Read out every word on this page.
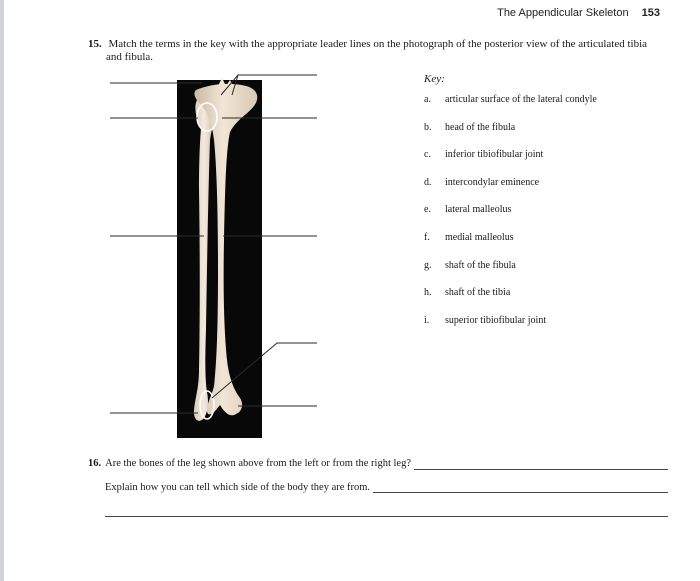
The Appendicular Skeleton 153
15. Match the terms in the key with the appropriate leader lines on the photograph of the posterior view of the articulated tibia
and fibula.
Key:
a. articular surface of the lateral condyle
b. head of the fibula
c. inferior tibiofibular joint
d. intercondylar eminence
e. lateral malleolus
f. medial malleolus
g. shaft of the fibula
h. shaft of the tibia
i. superior tibiofibular joint
16. Are the bones of the leg shown above from the left or from the right leg?
Explain how you can tell which side of the body they are from.
